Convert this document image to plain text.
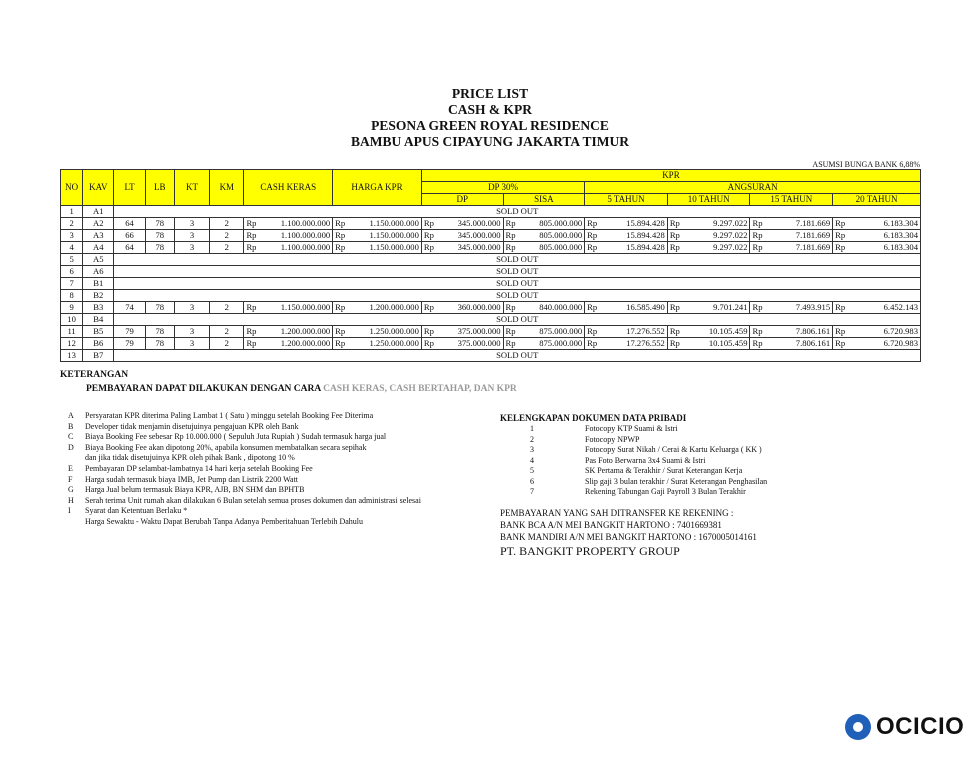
PRICE LIST
CASH & KPR
PESONA GREEN ROYAL RESIDENCE
BAMBU APUS CIPAYUNG JAKARTA TIMUR
ASUMSI BUNGA BANK 6,88%
NO	KAV	LT	LB	KT	KM	CASH KERAS		HARGA KPR		KPR											
										DP 30%				ANGSURAN							
										DP		SISA		5 TAHUN		10 TAHUN		15 TAHUN		20 TAHUN	
1	A1	SOLD OUT																			
2	A2	64	78	3	2	Rp	1.100.000.000	Rp	1.150.000.000	Rp	345.000.000	Rp	805.000.000	Rp	15.894.428	Rp	9.297.022	Rp	7.181.669	Rp	6.183.304
3	A3	66	78	3	2	Rp	1.100.000.000	Rp	1.150.000.000	Rp	345.000.000	Rp	805.000.000	Rp	15.894.428	Rp	9.297.022	Rp	7.181.669	Rp	6.183.304
4	A4	64	78	3	2	Rp	1.100.000.000	Rp	1.150.000.000	Rp	345.000.000	Rp	805.000.000	Rp	15.894.428	Rp	9.297.022	Rp	7.181.669	Rp	6.183.304
5	A5	SOLD OUT																			
6	A6	SOLD OUT																			
7	B1	SOLD OUT																			
8	B2	SOLD OUT																			
9	B3	74	78	3	2	Rp	1.150.000.000	Rp	1.200.000.000	Rp	360.000.000	Rp	840.000.000	Rp	16.585.490	Rp	9.701.241	Rp	7.493.915	Rp	6.452.143
10	B4	SOLD OUT																			
11	B5	79	78	3	2	Rp	1.200.000.000	Rp	1.250.000.000	Rp	375.000.000	Rp	875.000.000	Rp	17.276.552	Rp	10.105.459	Rp	7.806.161	Rp	6.720.983
12	B6	79	78	3	2	Rp	1.200.000.000	Rp	1.250.000.000	Rp	375.000.000	Rp	875.000.000	Rp	17.276.552	Rp	10.105.459	Rp	7.806.161	Rp	6.720.983
13	B7	SOLD OUT																			
KETERANGAN
PEMBAYARAN DAPAT DILAKUKAN DENGAN CARA CASH KERAS, CASH BERTAHAP, DAN KPR
A	Persyaratan KPR diterima Paling Lambat 1 ( Satu ) minggu setelah Booking Fee Diterima
B	Developer tidak menjamin disetujuinya pengajuan KPR oleh Bank
C	Biaya Booking Fee sebesar Rp 10.000.000 ( Sepuluh Juta Rupiah ) Sudah termasuk harga jual
D	Biaya Booking Fee akan dipotong 20%, apabila konsumen membatalkan secara sepihak
dan jika tidak disetujuinya KPR oleh pihak Bank , dipotong 10 %
E	Pembayaran DP selambat-lambatnya 14 hari kerja setelah Booking Fee
F	Harga sudah termasuk biaya IMB, Jet Pump dan Listrik 2200 Watt
G	Harga Jual belum termasuk Biaya KPR, AJB, BN SHM dan BPHTB
H	Serah terima Unit rumah akan dilakukan 6 Bulan setelah semua proses dokumen dan administrasi selesai
I	Syarat dan Ketentuan Berlaku *
Harga Sewaktu - Waktu Dapat Berubah Tanpa Adanya Pemberitahuan Terlebih Dahulu
KELENGKAPAN DOKUMEN DATA PRIBADI
1	Fotocopy KTP Suami & Istri
2	Fotocopy NPWP
3	Fotocopy Surat Nikah / Cerai & Kartu Keluarga ( KK )
4	Pas Foto Berwarna 3x4 Suami & Istri
5	SK Pertama & Terakhir / Surat Keterangan Kerja
6	Slip gaji 3 bulan terakhir / Surat Keterangan Penghasilan
7	Rekening Tabungan Gaji Payroll 3 Bulan Terakhir
PEMBAYARAN YANG SAH DITRANSFER KE REKENING :
BANK BCA A/N MEI BANGKIT HARTONO : 7401669381
BANK MANDIRI A/N MEI BANGKIT HARTONO : 1670005014161
PT. BANGKIT PROPERTY GROUP
OCICIO
